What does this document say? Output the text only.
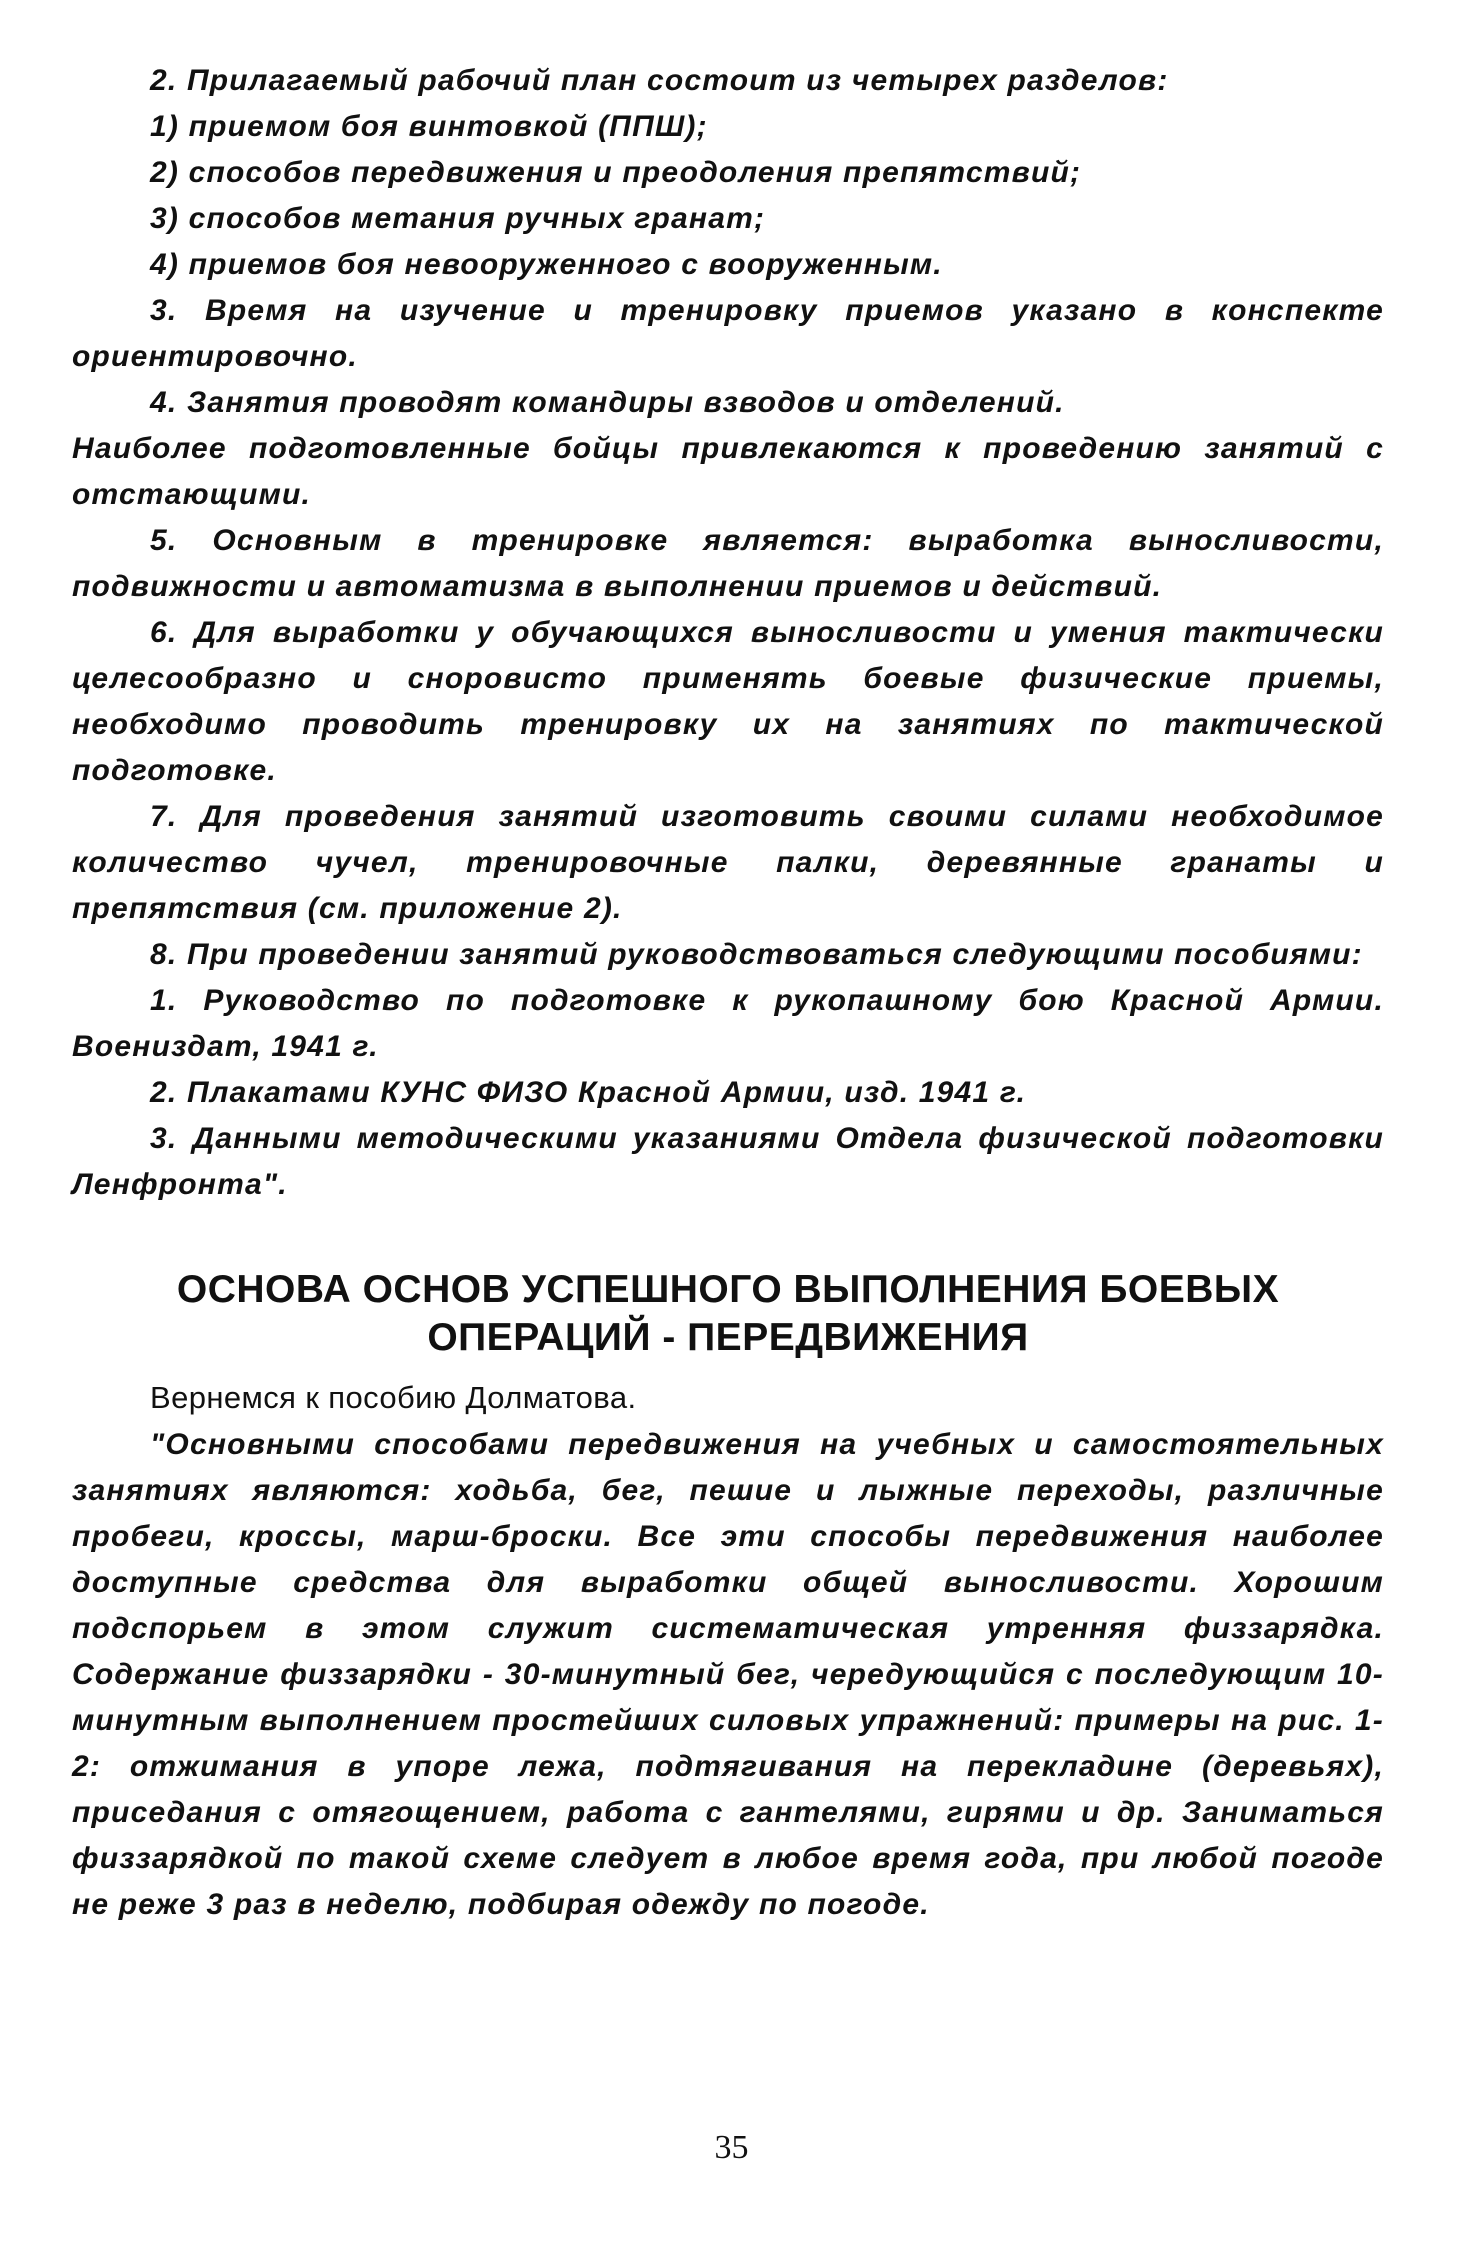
2. Прилагаемый рабочий план состоит из четырех разделов:

1) приемом боя винтовкой (ППШ);

2) способов передвижения и преодоления препятствий;

3) способов метания ручных гранат;

4) приемов боя невооруженного с вооруженным.

3. Время на изучение и тренировку приемов указано в конспекте ориентировочно.

4. Занятия проводят командиры взводов и отделений.

Наиболее подготовленные бойцы привлекаются к проведению занятий с отстающими.

5. Основным в тренировке является: выработка выносливости, подвижности и автоматизма в выполнении приемов и действий.

6. Для выработки у обучающихся выносливости и умения тактически целесообразно и сноровисто применять боевые физические приемы, необходимо проводить тренировку их на занятиях по тактической подготовке.

7. Для проведения занятий изготовить своими силами необходимое количество чучел, тренировочные палки, деревянные гранаты и препятствия (см. приложение 2).

8. При проведении занятий руководствоваться следующими пособиями:

1. Руководство по подготовке к рукопашному бою Красной Армии. Воениздат, 1941 г.

2. Плакатами КУНС ФИЗО Красной Армии, изд. 1941 г.

3. Данными методическими указаниями Отдела физической подготовки Ленфронта".

ОСНОВА ОСНОВ УСПЕШНОГО ВЫПОЛНЕНИЯ БОЕВЫХ
ОПЕРАЦИЙ - ПЕРЕДВИЖЕНИЯ

Вернемся к пособию Долматова.

"Основными способами передвижения на учебных и самостоятельных занятиях являются: ходьба, бег, пешие и лыжные переходы, различные пробеги, кроссы, марш-броски. Все эти способы передвижения наиболее доступные средства для выработки общей выносливости. Хорошим подспорьем в этом служит систематическая утренняя физзарядка. Содержание физзарядки - 30-минутный бег, чередующийся с последующим 10-минутным выполнением простейших силовых упражнений: примеры на рис. 1-2: отжимания в упоре лежа, подтягивания на перекладине (деревьях), приседания с отягощением, работа с гантелями, гирями и др. Заниматься физзарядкой по такой схеме следует в любое время года, при любой погоде не реже 3 раз в неделю, подбирая одежду по погоде.

35
